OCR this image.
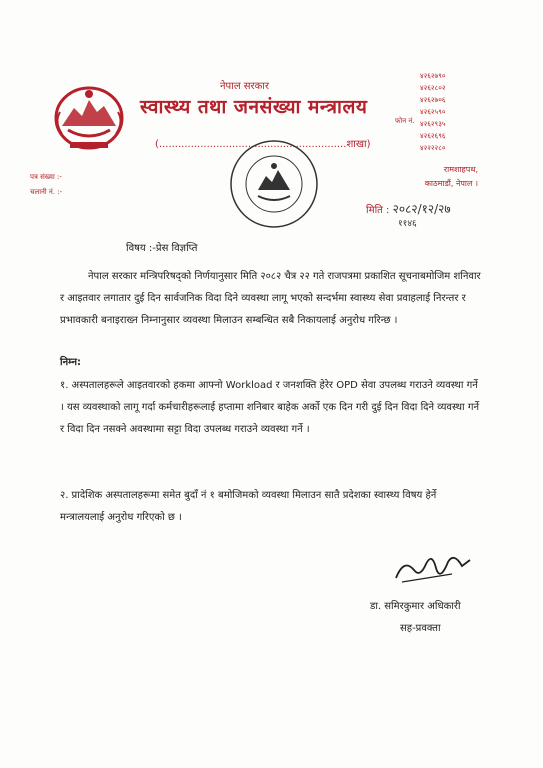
नेपाल सरकार
स्वास्थ्य तथा जनसंख्या मन्त्रालय
(...........................................................शाखा)
४२६२७९०
४२६२८०२
४२६२७०६
४२६२५९०
४२६२९३५
४२६२६९६
४२२२२८०
फोन नं.
रामशाहपथ,
काठमाडौं, नेपाल ।
पत्र संख्या :-
चलानी नं. :-
मिति : २०८२/१२/२७
११४६
विषय :-प्रेस विज्ञप्ति
नेपाल सरकार मन्त्रिपरिषद्को निर्णयानुसार मिति २०८२ चैत्र २२ गते राजपत्रमा प्रकाशित सूचनाबमोजिम शनिवार र आइतवार लगातार दुई दिन सार्वजनिक विदा दिने व्यवस्था लागू भएको सन्दर्भमा स्वास्थ्य सेवा प्रवाहलाई निरन्तर र प्रभावकारी बनाइराख्न निम्नानुसार व्यवस्था मिलाउन सम्बन्धित सबै निकायलाई अनुरोध गरिन्छ ।
निम्न:
१. अस्पतालहरूले आइतवारको हकमा आफ्नो Workload र जनशक्ति हेरेर OPD सेवा उपलब्ध गराउने व्यवस्था गर्ने । यस व्यवस्थाको लागू गर्दा कर्मचारीहरूलाई हप्तामा शनिबार बाहेक अर्को एक दिन गरी दुई दिन विदा दिने व्यवस्था गर्ने र विदा दिन नसक्ने अवस्थामा सट्टा विदा उपलब्ध गराउने व्यवस्था गर्ने ।
२. प्रादेशिक अस्पतालहरूमा समेत बुदाँ नं १ बमोजिमको व्यवस्था मिलाउन सातै प्रदेशका स्वास्थ्य विषय हेर्ने मन्त्रालयलाई अनुरोध गरिएको छ ।
डा. समिरकुमार अधिकारी
सह-प्रवक्ता
